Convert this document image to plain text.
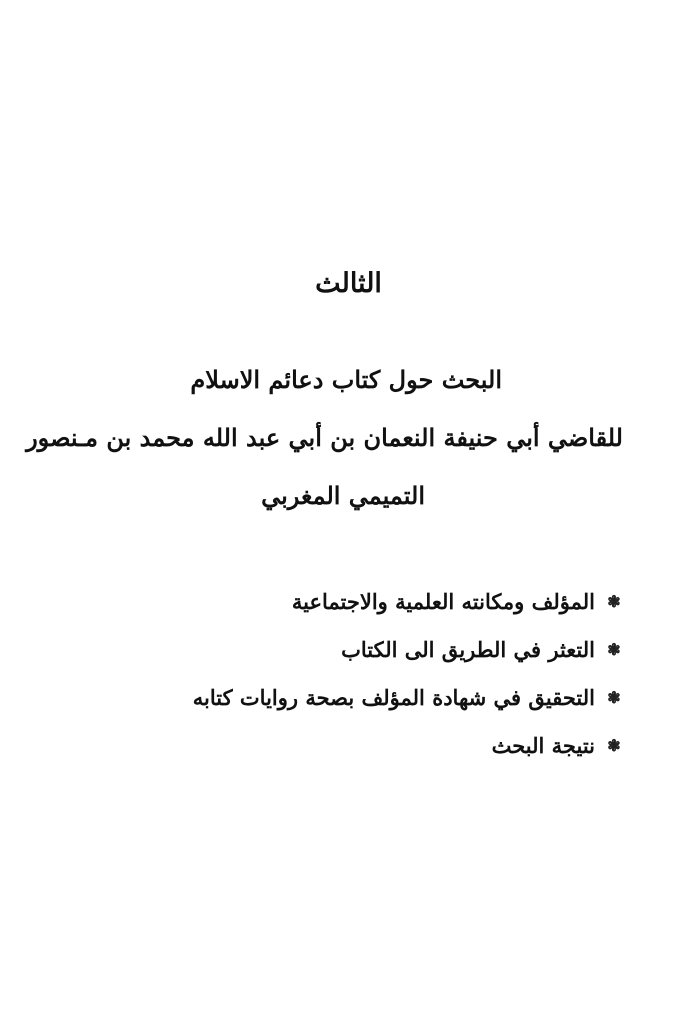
الثالث
البحث حول كتاب دعائم الاسلام
للقاضي أبي حنيفة النعمان بن أبي عبد الله محمد بن مـنصور
التميمي المغربي
❃
المؤلف ومكانته العلمية والاجتماعية
❃
التعثر في الطريق الى الكتاب
❃
التحقيق في شهادة المؤلف بصحة روايات كتابه
❃
نتيجة البحث
